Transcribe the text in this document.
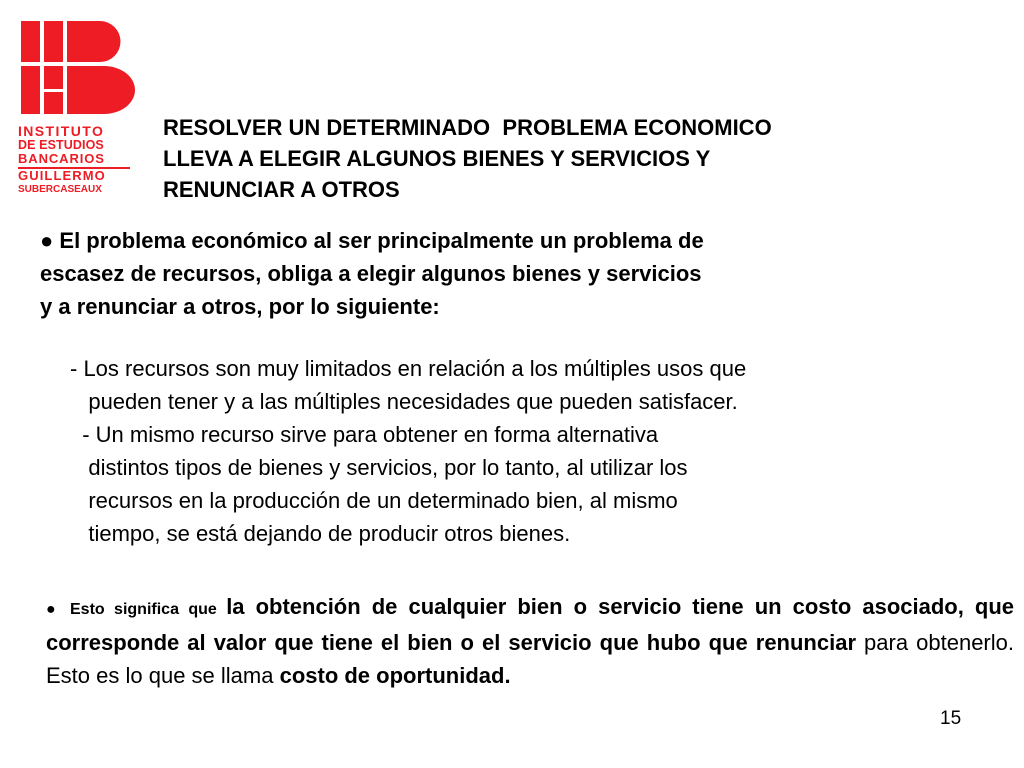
INSTITUTO
DE ESTUDIOS
BANCARIOS
GUILLERMO
SUBERCASEAUX
RESOLVER UN DETERMINADO  PROBLEMA ECONOMICO
LLEVA A ELEGIR ALGUNOS BIENES Y SERVICIOS Y
RENUNCIAR A OTROS
● El problema económico al ser principalmente un problema de
escasez de recursos, obliga a elegir algunos bienes y servicios
y a renunciar a otros, por lo siguiente:
- Los recursos son muy limitados en relación a los múltiples usos que
pueden tener y a las múltiples necesidades que pueden satisfacer.
- Un mismo recurso sirve para obtener en forma alternativa
distintos tipos de bienes y servicios, por lo tanto, al utilizar los
recursos en la producción de un determinado bien, al mismo
tiempo, se está dejando de producir otros bienes.
● Esto significa que la obtención de cualquier bien o servicio tiene un costo asociado, que corresponde al valor que tiene el bien o el servicio que hubo que renunciar para obtenerlo. Esto es lo que se llama costo de oportunidad.
15
